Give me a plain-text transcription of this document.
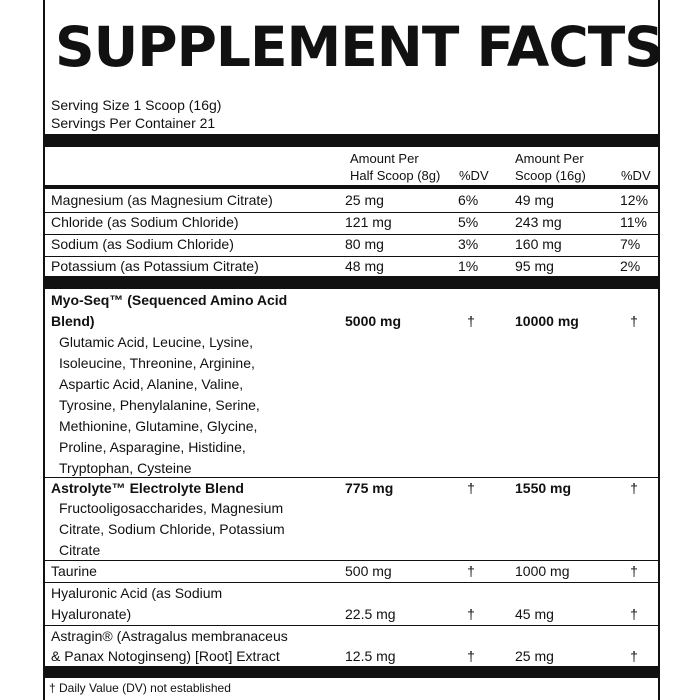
SUPPLEMENT FACTS
Serving Size 1 Scoop (16g)
Servings Per Container 21
Amount Per
Half Scoop (8g) %DV
Amount Per
Scoop (16g)	%DV
Magnesium (as Magnesium Citrate)	25 mg	6%	49 mg	12%
Chloride (as Sodium Chloride)	121 mg	5%	243 mg	11%
Sodium (as Sodium Chloride)	80 mg	3%	160 mg	7%
Potassium (as Potassium Citrate)	48 mg	1%	95 mg	2%
Myo-Seq™ (Sequenced Amino Acid
Blend)	5000 mg	†	10000 mg	†
Glutamic Acid, Leucine, Lysine,
Isoleucine, Threonine, Arginine,
Aspartic Acid, Alanine, Valine,
Tyrosine, Phenylalanine, Serine,
Methionine, Glutamine, Glycine,
Proline, Asparagine, Histidine,
Tryptophan, Cysteine
Astrolyte™ Electrolyte Blend	775 mg	†	1550 mg	†
Fructooligosaccharides, Magnesium
Citrate, Sodium Chloride, Potassium
Citrate
Taurine	500 mg	†	1000 mg	†
Hyaluronic Acid (as Sodium
Hyaluronate)	22.5 mg	†	45 mg	†
Astragin® (Astragalus membranaceus
& Panax Notoginseng) [Root] Extract	12.5 mg	†	25 mg	†
† Daily Value (DV) not established
